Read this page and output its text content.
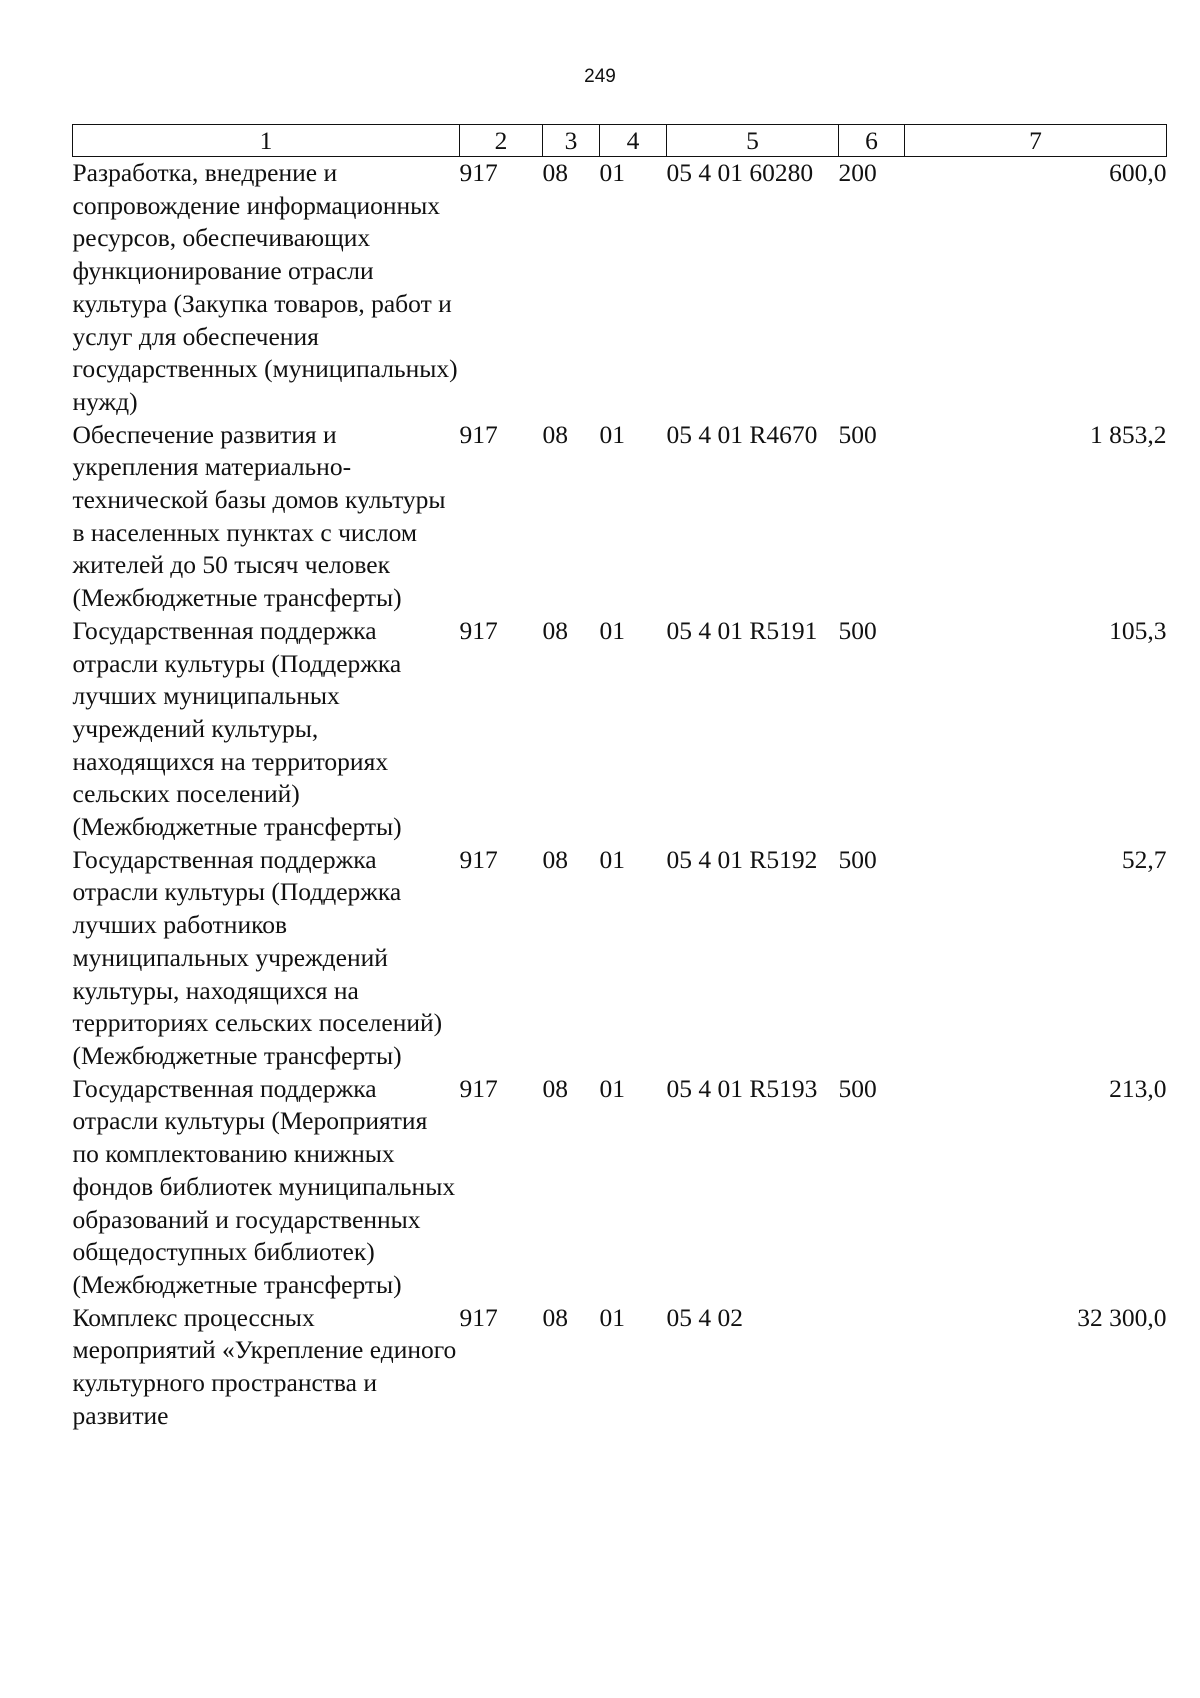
249
1	2	3	4	5	6	7
Разработка, внедрение и сопровождение информационных ресурсов, обеспечивающих функционирование отрасли культура (Закупка товаров, работ и услуг для обеспечения государственных (муниципальных) нужд)	917	08	01	05 4 01 60280	200	600,0
Обеспечение развития и укрепления материально-технической базы домов культуры в населенных пунктах с числом жителей до 50 тысяч человек (Межбюджетные трансферты)	917	08	01	05 4 01 R4670	500	1 853,2
Государственная поддержка отрасли культуры (Поддержка лучших муниципальных учреждений культуры, находящихся на территориях сельских поселений) (Межбюджетные трансферты)	917	08	01	05 4 01 R5191	500	105,3
Государственная поддержка отрасли культуры (Поддержка лучших работников муниципальных учреждений культуры, находящихся на территориях сельских поселений) (Межбюджетные трансферты)	917	08	01	05 4 01 R5192	500	52,7
Государственная поддержка отрасли культуры (Мероприятия по комплектованию книжных фондов библиотек муниципальных образований и государственных общедоступных библиотек) (Межбюджетные трансферты)	917	08	01	05 4 01 R5193	500	213,0
Комплекс процессных мероприятий «Укрепление единого культурного пространства и развитие	917	08	01	05 4 02		32 300,0
